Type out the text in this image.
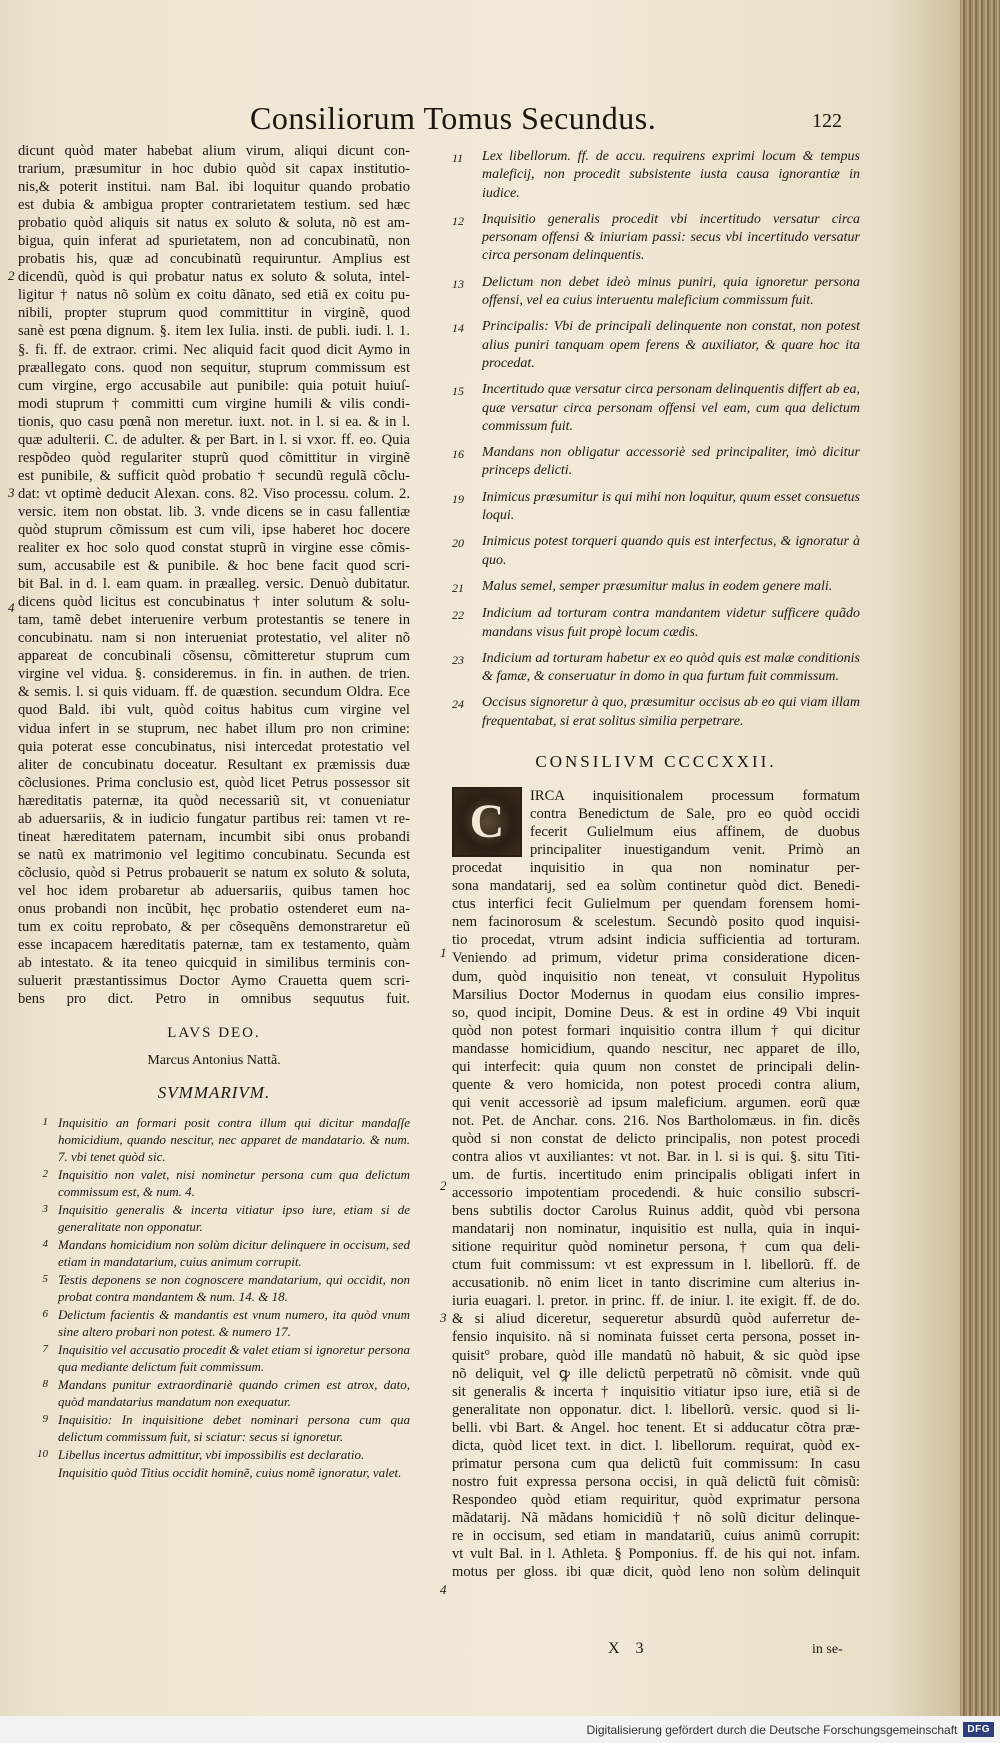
Consiliorum Tomus Secundus.	122
dicunt quòd mater habebat alium virum, aliqui dicunt con-
trarium, præsumitur in hoc dubio quòd sit capax institutio-
nis,& poterit institui. nam Bal. ibi loquitur quando probatio
est dubia & ambigua propter contrarietatem testium. sed hæc
probatio quòd aliquis sit natus ex soluto & soluta, nõ est am-
bigua, quin inferat ad spurietatem, non ad concubinatũ, non
probatis his, quæ ad concubinatũ requiruntur. Amplius est
dicendũ, quòd is qui probatur natus ex soluto & soluta, intel-
ligitur † natus nõ solùm ex coitu dãnato, sed etiã ex coitu pu-
nibili, propter stuprum quod committitur in virginẽ, quod
sanè est pœna dignum. §. item lex Iulia. insti. de publi. iudi. l. 1.
§. fi. ff. de extraor. crimi. Nec aliquid facit quod dicit Aymo in
præallegato cons. quod non sequitur, stuprum commissum est
cum virgine, ergo accusabile aut punibile: quia potuit huiuſ-
modi stuprum † committi cum virgine humili & vilis condi-
tionis, quo casu pœnã non meretur. iuxt. not. in l. si ea. & in l.
quæ adulterii. C. de adulter. & per Bart. in l. si vxor. ff. eo. Quia
respõdeo quòd regulariter stuprũ quod cõmittitur in virginẽ
est punibile, & sufficit quòd probatio † secundũ regulã cõclu-
dat: vt optimè deducit Alexan. cons. 82. Viso processu. colum. 2.
versic. item non obstat. lib. 3. vnde dicens se in casu fallentiæ
quòd stuprum cõmissum est cum vili, ipse haberet hoc docere
realiter ex hoc solo quod constat stuprũ in virgine esse cõmis-
sum, accusabile est & punibile. & hoc bene facit quod scri-
bit Bal. in d. l. eam quam. in præalleg. versic. Denuò dubitatur.
dicens quòd licitus est concubinatus † inter solutum & solu-
tam, tamẽ debet interuenire verbum protestantis se tenere in
concubinatu. nam si non interueniat protestatio, vel aliter nõ
appareat de concubinali cõsensu, cõmitteretur stuprum cum
virgine vel vidua. §. consideremus. in fin. in authen. de trien.
& semis. l. si quis viduam. ff. de quæstion. secundum Oldra. Ece
quod Bald. ibi vult, quòd coitus habitus cum virgine vel
vidua infert in se stuprum, nec habet illum pro non crimine:
quia poterat esse concubinatus, nisi intercedat protestatio vel
aliter de concubinatu doceatur. Resultant ex præmissis duæ
cõclusiones. Prima conclusio est, quòd licet Petrus possessor sit
hæreditatis paternæ, ita quòd necessariũ sit, vt conueniatur
ab aduersariis, & in iudicio fungatur partibus rei: tamen vt re-
tineat hæreditatem paternam, incumbit sibi onus probandi
se natũ ex matrimonio vel legitimo concubinatu. Secunda est
cõclusio, quòd si Petrus probauerit se natum ex soluto & soluta,
vel hoc idem probaretur ab aduersariis, quibus tamen hoc
onus probandi non incũbit, hęc probatio ostenderet eum na-
tum ex coitu reprobato, & per cõsequẽns demonstraretur eũ
esse incapacem hæreditatis paternæ, tam ex testamento, quàm
ab intestato. & ita teneo quicquid in similibus terminis con-
suluerit præstantissimus Doctor Aymo Crauetta quem scri-
bens pro dict. Petro in omnibus sequutus fuit.
LAVS DEO.
Marcus Antonius Nattã.
SVMMARIVM.
1 Inquisitio an formari posit contra illum qui dicitur mandaſſe homicidium, quando nescitur, nec apparet de mandatario. & num. 7. vbi tenet quòd sic.
2 Inquisitio non valet, nisi nominetur persona cum qua delictum commissum est, & num. 4.
3 Inquisitio generalis & incerta vitiatur ipso iure, etiam si de generalitate non opponatur.
4 Mandans homicidium non solùm dicitur delinquere in occisum, sed etiam in mandatarium, cuius animum corrupit.
5 Testis deponens se non cognoscere mandatarium, qui occidit, non probat contra mandantem & num. 14. & 18.
6 Delictum facientis & mandantis est vnum numero, ita quòd vnum sine altero probari non potest. & numero 17.
7 Inquisitio vel accusatio procedit & valet etiam si ignoretur persona qua mediante delictum fuit commissum.
8 Mandans punitur extraordinariè quando crimen est atrox, dato, quòd mandatarius mandatum non exequatur.
9 Inquisitio: In inquisitione debet nominari persona cum qua delictum commissum fuit, si sciatur: secus si ignoretur.
10 Libellus incertus admittitur, vbi impossibilis est declaratio.
Inquisitio quòd Titius occidit hominẽ, cuius nomẽ ignoratur, valet.
11	Lex libellorum. ff. de accu. requirens exprimi locum & tempus maleficij, non procedit subsistente iusta causa ignorantiæ in iudice.
12	Inquisitio generalis procedit vbi incertitudo versatur circa personam offensi & iniuriam passi: secus vbi incertitudo versatur circa personam delinquentis.
13	Delictum non debet ideò minus puniri, quia ignoretur persona offensi, vel ea cuius interuentu maleficium commissum fuit.
14	Principalis: Vbi de principali delinquente non constat, non potest alius puniri tanquam opem ferens & auxiliator, & quare hoc ita procedat.
15	Incertitudo quæ versatur circa personam delinquentis differt ab ea, quæ versatur circa personam offensi vel eam, cum qua delictum commissum fuit.
16	Mandans non obligatur accessoriè sed principaliter, imò dicitur princeps delicti.
19	Inimicus præsumitur is qui mihi non loquitur, quum esset consuetus loqui.
20	Inimicus potest torqueri quando quis est interfectus, & ignoratur à quo.
21	Malus semel, semper præsumitur malus in eodem genere mali.
22	Indicium ad torturam contra mandantem videtur sufficere quãdo mandans visus fuit propè locum cædis.
23	Indicium ad torturam habetur ex eo quòd quis est malæ conditionis & famæ, & conseruatur in domo in qua furtum fuit commissum.
24	Occisus signoretur à quo, præsumitur occisus ab eo qui viam illam frequentabat, si erat solitus similia perpetrare.
CONSILIVM CCCCXXII.
C	IRCA inquisitionalem processum formatum
contra Benedictum de Sale, pro eo quòd occidi
fecerit Gulielmum eius affinem, de duobus
principaliter inuestigandum venit. Primò an
procedat inquisitio in qua non nominatur per-
sona mandatarij, sed ea solùm continetur quòd dict. Benedi-
ctus interfici fecit Gulielmum per quendam forensem homi-
nem facinorosum & scelestum. Secundò posito quod inquisi-
tio procedat, vtrum adsint indicia sufficientia ad torturam.
Veniendo ad primum, videtur prima consideratione dicen-
dum, quòd inquisitio non teneat, vt consuluit Hypolitus
Marsilius Doctor Modernus in quodam eius consilio impres-
so, quod incipit, Domine Deus. & est in ordine 49 Vbi inquit
quòd non potest formari inquisitio contra illum † qui dicitur
mandasse homicidium, quando nescitur, nec apparet de illo,
qui interfecit: quia quum non constet de principali delin-
quente & vero homicida, non potest procedi contra alium,
qui venit accessoriè ad ipsum maleficium. argumen. eorũ quæ
not. Pet. de Anchar. cons. 216. Nos Bartholomæus. in fin. dicẽs
quòd si non constat de delicto principalis, non potest procedi
contra alios vt auxiliantes: vt not. Bar. in l. si is qui. §. situ Titi-
um. de furtis. incertitudo enim principalis obligati infert in
accessorio impotentiam procedendi. & huic consilio subscri-
bens subtilis doctor Carolus Ruinus addit, quòd vbi persona
mandatarij non nominatur, inquisitio est nulla, quia in inqui-
sitione requiritur quòd nominetur persona, † cum qua deli-
ctum fuit commissum: vt est expressum in l. libellorũ. ff. de
accusationib. nõ enim licet in tanto discrimine cum alterius in-
iuria euagari. l. pretor. in princ. ff. de iniur. l. ite exigit. ff. de do.
& si aliud diceretur, sequeretur absurdũ quòd auferretur de-
fensio inquisito. nã si nominata fuisset certa persona, posset in-
quisit° probare, quòd ille mandatũ nõ habuit, & sic quòd ipse
nõ deliquit, vel ꝙ ille delictũ perpetratũ nõ cõmisit. vnde quũ
sit generalis & incerta † inquisitio vitiatur ipso iure, etiã si de
generalitate non opponatur. dict. l. libellorũ. versic. quod si li-
belli. vbi Bart. & Angel. hoc tenent. Et si adducatur cõtra præ-
dicta, quòd licet text. in dict. l. libellorum. requirat, quòd ex-
primatur persona cum qua delictũ fuit commissum: In casu
nostro fuit expressa persona occisi, in quã delictũ fuit cõmisũ:
Respondeo quòd etiam requiritur, quòd exprimatur persona
mãdatarij. Nã mãdans homicidiũ † nõ solũ dicitur delinque-
re in occisum, sed etiam in mandatariũ, cuius animũ corrupit:
vt vult Bal. in l. Athleta. § Pomponius. ff. de his qui not. infam.
motus per gloss. ibi quæ dicit, quòd leno non solùm delinquit
2
3
4
1
2
3
4
X 3	in se-
Digitalisierung gefördert durch die Deutsche Forschungsgemeinschaft	DFG
